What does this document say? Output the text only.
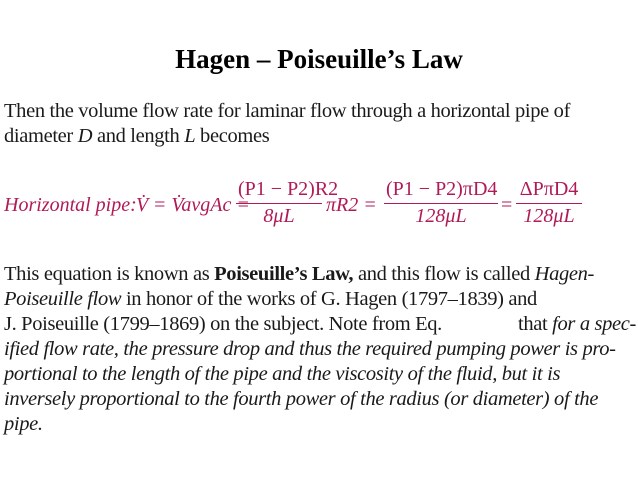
Hagen – Poiseuille’s Law
Then the volume flow rate for laminar flow through a horizontal pipe of
diameter D and length L becomes
Horizontal pipe: V̇ = V̇avgAc =
(P1 − P2)R2
8μL	πR2 =
(P1 − P2)πD4
128μL	=
ΔPπD4
128μL
This equation is known as Poiseuille’s Law, and this flow is called Hagen-
Poiseuille flow in honor of the works of G. Hagen (1797–1839) and
J. Poiseuille (1799–1869) on the subject. Note from Eq.	that for a spec-
ified flow rate, the pressure drop and thus the required pumping power is pro-
portional to the length of the pipe and the viscosity of the fluid, but it is
inversely proportional to the fourth power of the radius (or diameter) of the
pipe.
